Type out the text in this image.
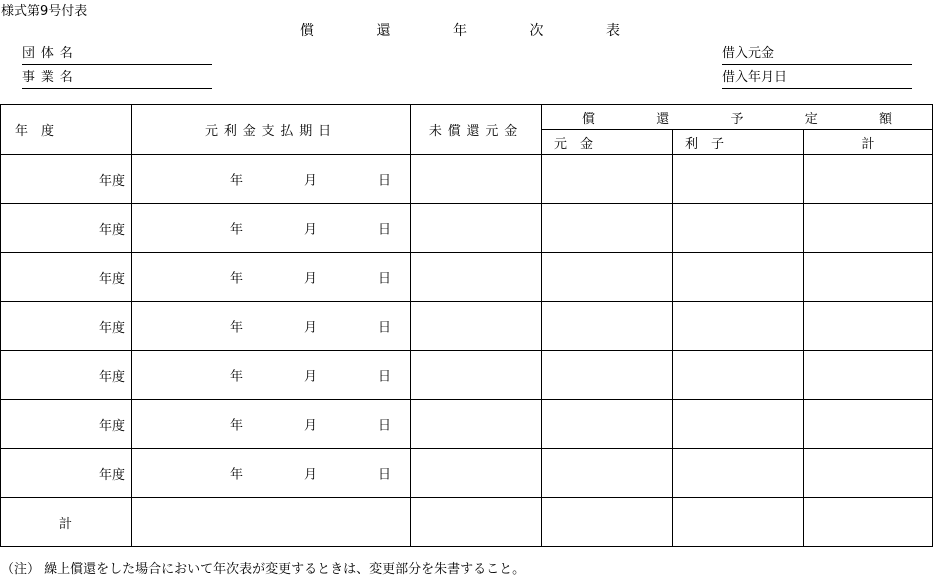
様式第9号付表
償	還	年	次	表
団体名
事業名
借入元金
借入年月日
年　度	元利金支払期日	未償還元金	償 還 予 定 額		

			元　金	利　子	計
年度	年 月 日				

年度	年 月 日				

年度	年 月 日				

年度	年 月 日				

年度	年 月 日				

年度	年 月 日				

年度	年 月 日				

計					
（注） 繰上償還をした場合において年次表が変更するときは、変更部分を朱書すること。
